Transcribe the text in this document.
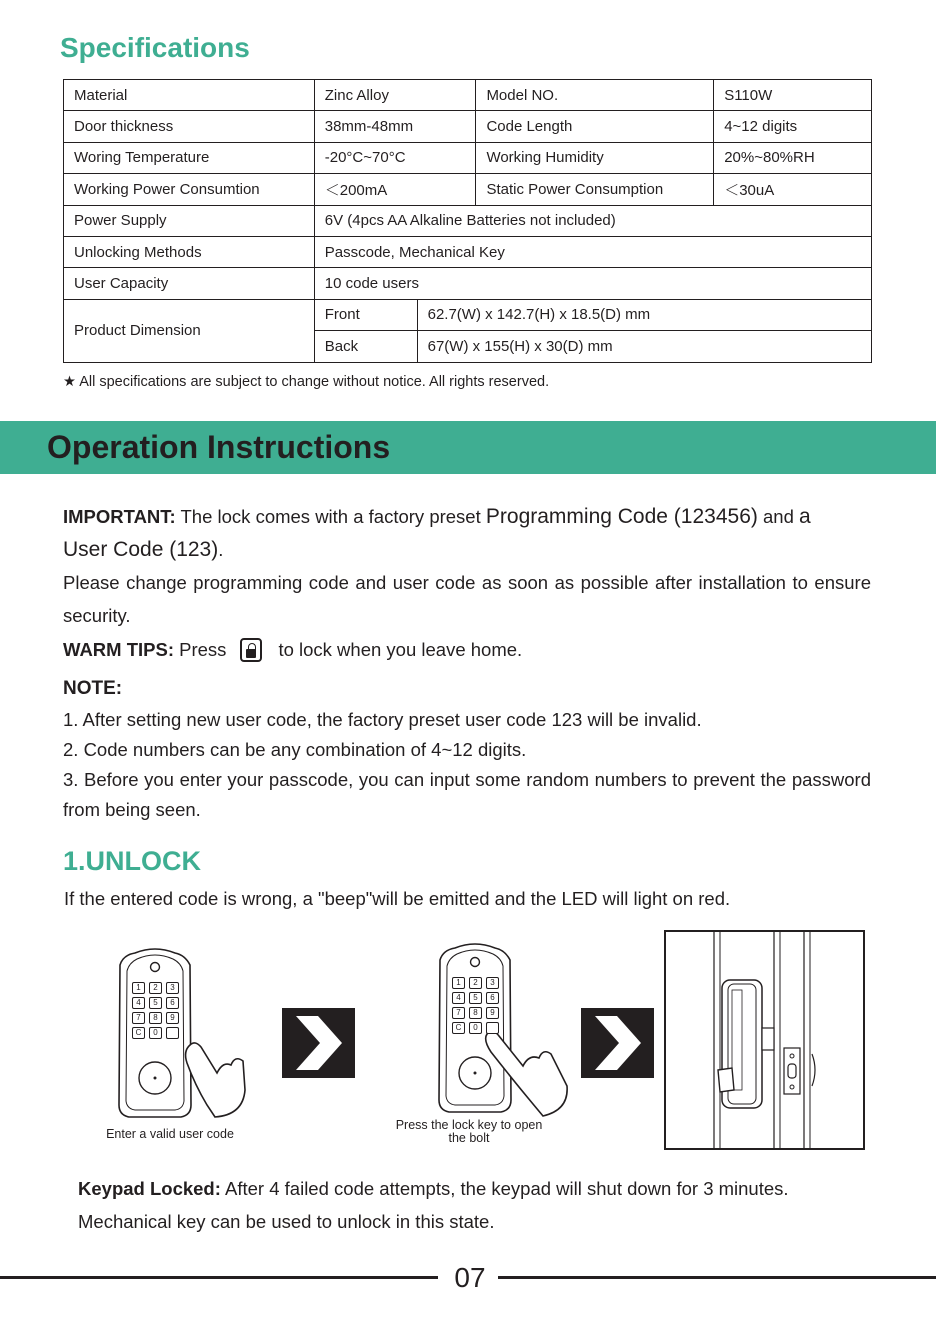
Specifications
Material	Zinc Alloy		Model NO.	S110W
Door thickness	38mm-48mm		Code Length	4~12 digits
Woring Temperature	-20°C~70°C		Working Humidity	20%~80%RH
Working Power Consumtion	＜200mA		Static Power Consumption	＜30uA
Power Supply	6V (4pcs AA Alkaline Batteries not included)			
Unlocking Methods	Passcode, Mechanical Key			
User Capacity	10 code users			
Product Dimension	Front	62.7(W) x 142.7(H) x 18.5(D) mm		
	Back	67(W) x 155(H) x 30(D) mm		
★ All specifications are subject to change without notice. All rights reserved.
Operation Instructions
IMPORTANT: The lock comes with a factory preset Programming Code (123456) and a
User Code (123).
Please change programming code and user code as soon as possible after installation to ensure security.
WARM TIPS: Press	to lock when you leave home.
NOTE:
1. After setting new user code, the factory preset user code 123 will be invalid.
2. Code numbers can be any combination of 4~12 digits.
3. Before you enter your passcode, you can input some random numbers to prevent the password from being seen.
1.UNLOCK
If the entered code is wrong, a "beep"will be emitted and the LED will light on red.
1	2	3
4	5	6
7	8	9
C	0
Enter a valid user code
1	2	3
4	5	6
7	8	9
C	0
Press the lock key to open
the bolt
Keypad Locked: After 4 failed code attempts, the keypad will shut down for 3 minutes.
Mechanical key can be used to unlock in this state.
07
